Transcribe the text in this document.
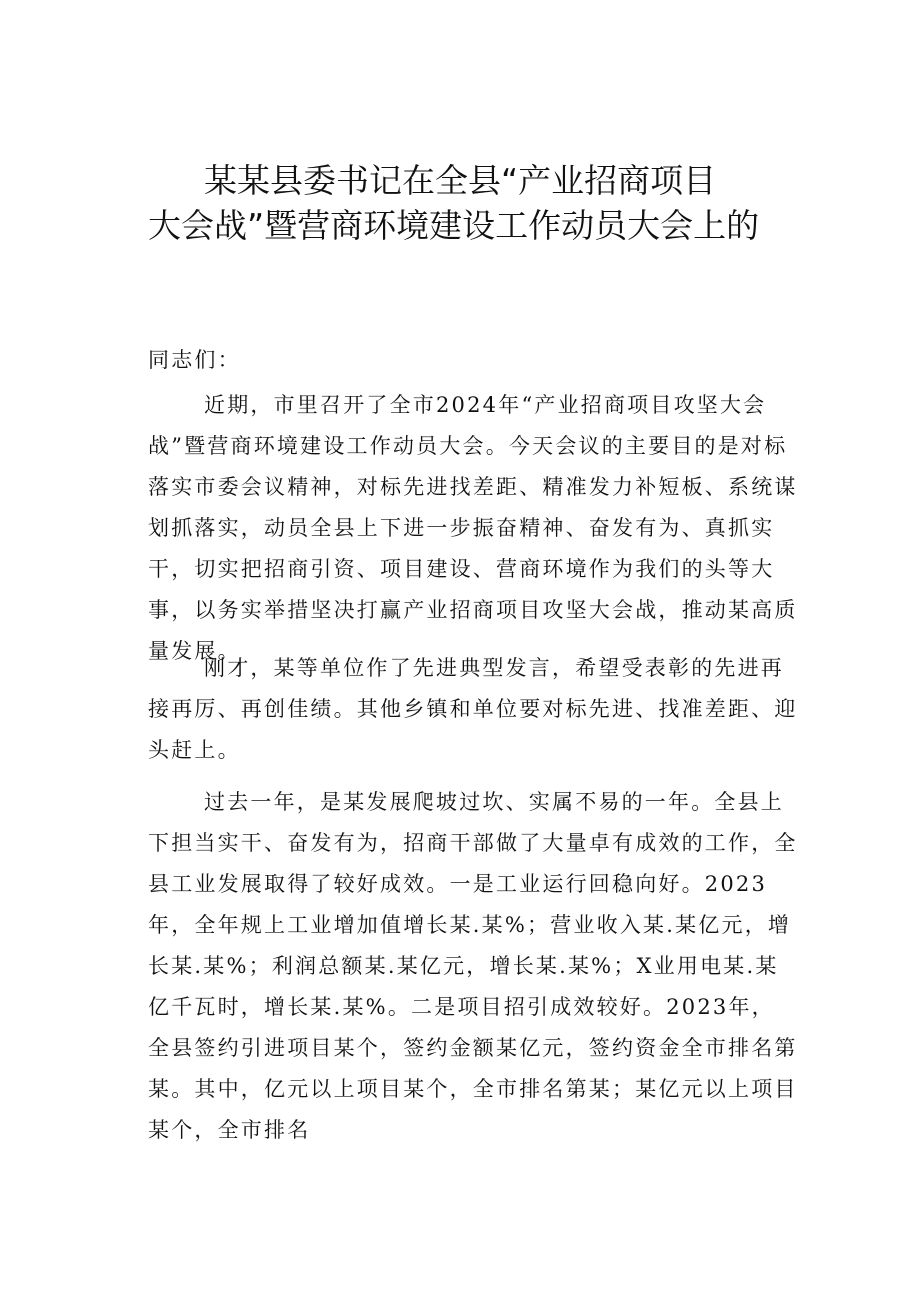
某某县委书记在全县“产业招商项目
大会战”暨营商环境建设工作动员大会上的
同志们：

近期，市里召开了全市2024年“产业招商项目攻坚大会战”暨营商环境建设工作动员大会。今天会议的主要目的是对标落实市委会议精神，对标先进找差距、精准发力补短板、系统谋划抓落实，动员全县上下进一步振奋精神、奋发有为、真抓实干，切实把招商引资、项目建设、营商环境作为我们的头等大事，以务实举措坚决打赢产业招商项目攻坚大会战，推动某高质量发展。

刚才，某等单位作了先进典型发言，希望受表彰的先进再接再厉、再创佳绩。其他乡镇和单位要对标先进、找准差距、迎头赶上。

过去一年，是某发展爬坡过坎、实属不易的一年。全县上下担当实干、奋发有为，招商干部做了大量卓有成效的工作，全县工业发展取得了较好成效。一是工业运行回稳向好。2023年，全年规上工业增加值增长某.某%；营业收入某.某亿元，增长某.某%；利润总额某.某亿元，增长某.某%；X业用电某.某亿千瓦时，增长某.某%。二是项目招引成效较好。2023年，全县签约引进项目某个，签约金额某亿元，签约资金全市排名第某。其中，亿元以上项目某个，全市排名第某；某亿元以上项目某个，全市排名
